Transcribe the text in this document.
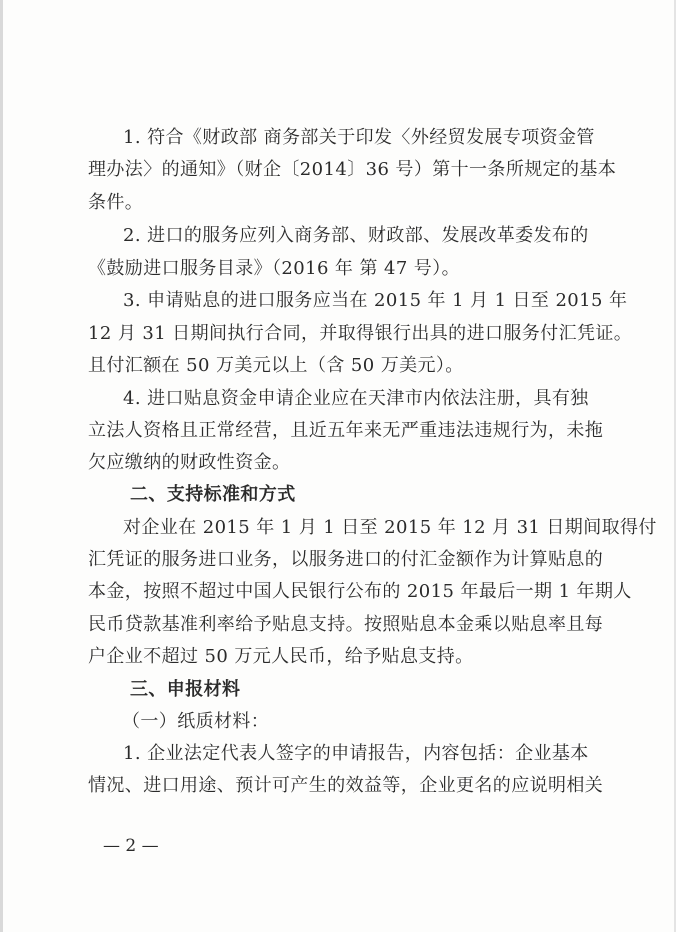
1. 符合《财政部 商务部关于印发〈外经贸发展专项资金管
理办法〉的通知》（财企〔2014〕36 号）第十一条所规定的基本
条件。
2. 进口的服务应列入商务部、财政部、发展改革委发布的
《鼓励进口服务目录》（2016 年 第 47 号）。
3. 申请贴息的进口服务应当在 2015 年 1 月 1 日至 2015 年
12 月 31 日期间执行合同，并取得银行出具的进口服务付汇凭证。
且付汇额在 50 万美元以上（含 50 万美元）。
4. 进口贴息资金申请企业应在天津市内依法注册，具有独
立法人资格且正常经营，且近五年来无严重违法违规行为，未拖
欠应缴纳的财政性资金。
二、支持标准和方式
对企业在 2015 年 1 月 1 日至 2015 年 12 月 31 日期间取得付
汇凭证的服务进口业务，以服务进口的付汇金额作为计算贴息的
本金，按照不超过中国人民银行公布的 2015 年最后一期 1 年期人
民币贷款基准利率给予贴息支持。按照贴息本金乘以贴息率且每
户企业不超过 50 万元人民币，给予贴息支持。
三、申报材料
（一）纸质材料：
1. 企业法定代表人签字的申请报告，内容包括：企业基本
情况、进口用途、预计可产生的效益等，企业更名的应说明相关
— 2 —
